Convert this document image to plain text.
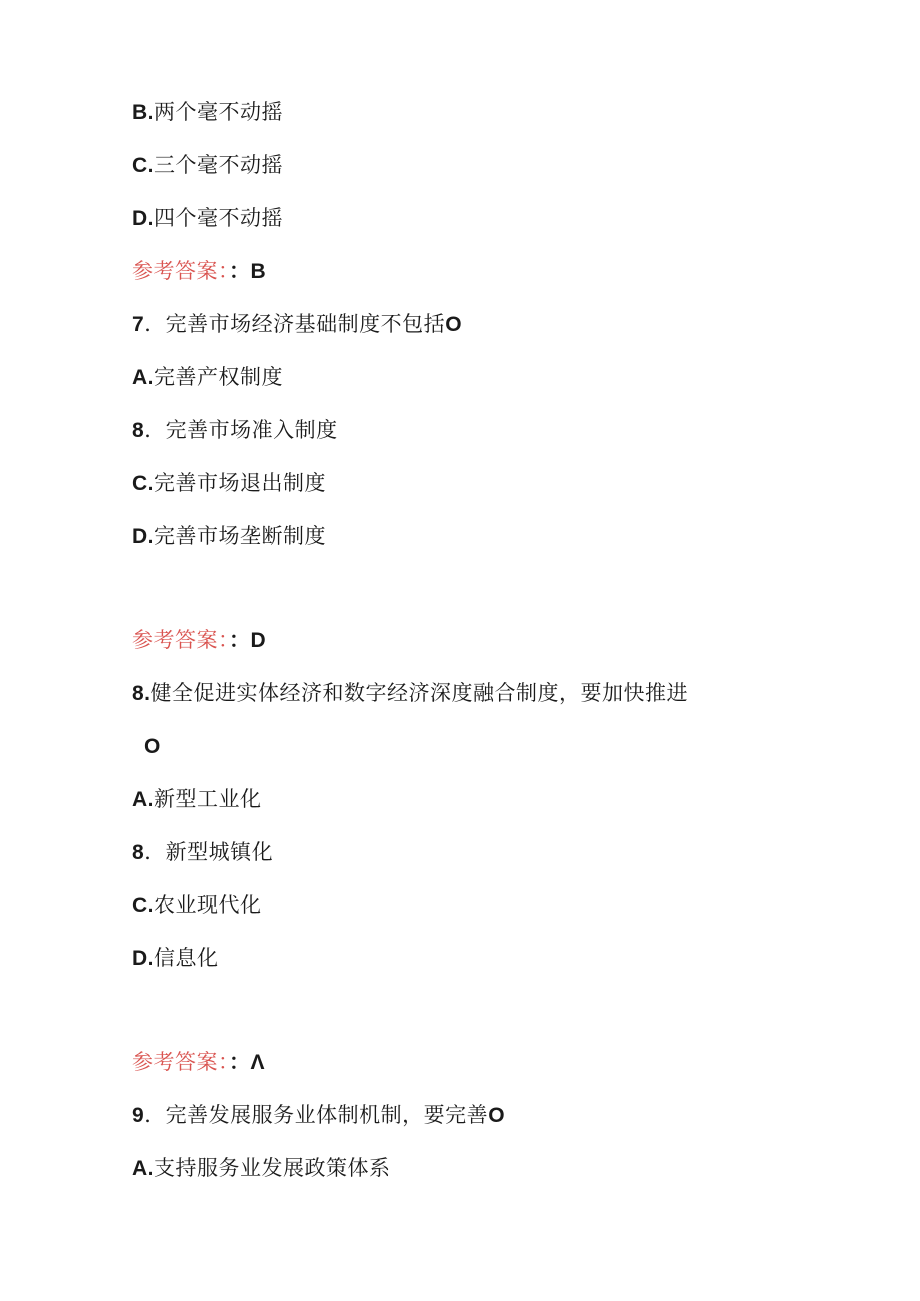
B.两个毫不动摇
C.三个毫不动摇
D.四个毫不动摇
参考答案：：B
7．完善市场经济基础制度不包括O
A.完善产权制度
8．完善市场准入制度
C.完善市场退出制度
D.完善市场垄断制度
参考答案：：D
8.健全促进实体经济和数字经济深度融合制度，要加快推进
O
A.新型工业化
8．新型城镇化
C.农业现代化
D.信息化
参考答案：：Λ
9．完善发展服务业体制机制，要完善O
A.支持服务业发展政策体系
